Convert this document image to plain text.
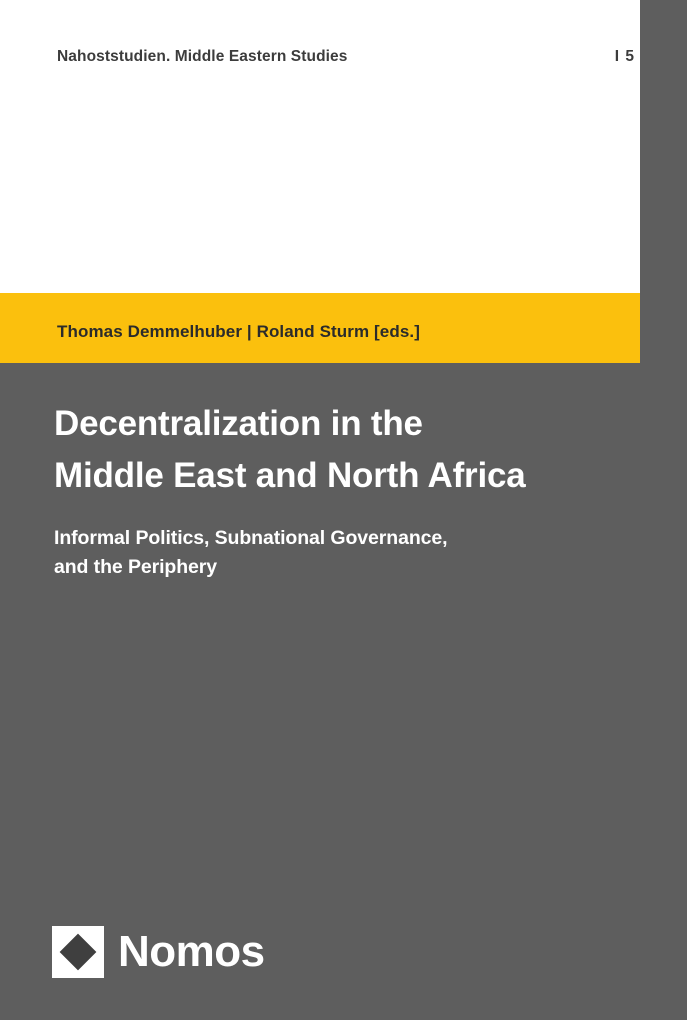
Nahoststudien. Middle Eastern Studies	I 5
Thomas Demmelhuber | Roland Sturm [eds.]
Decentralization in the
Middle East and North Africa

Informal Politics, Subnational Governance,
and the Periphery

Nomos
